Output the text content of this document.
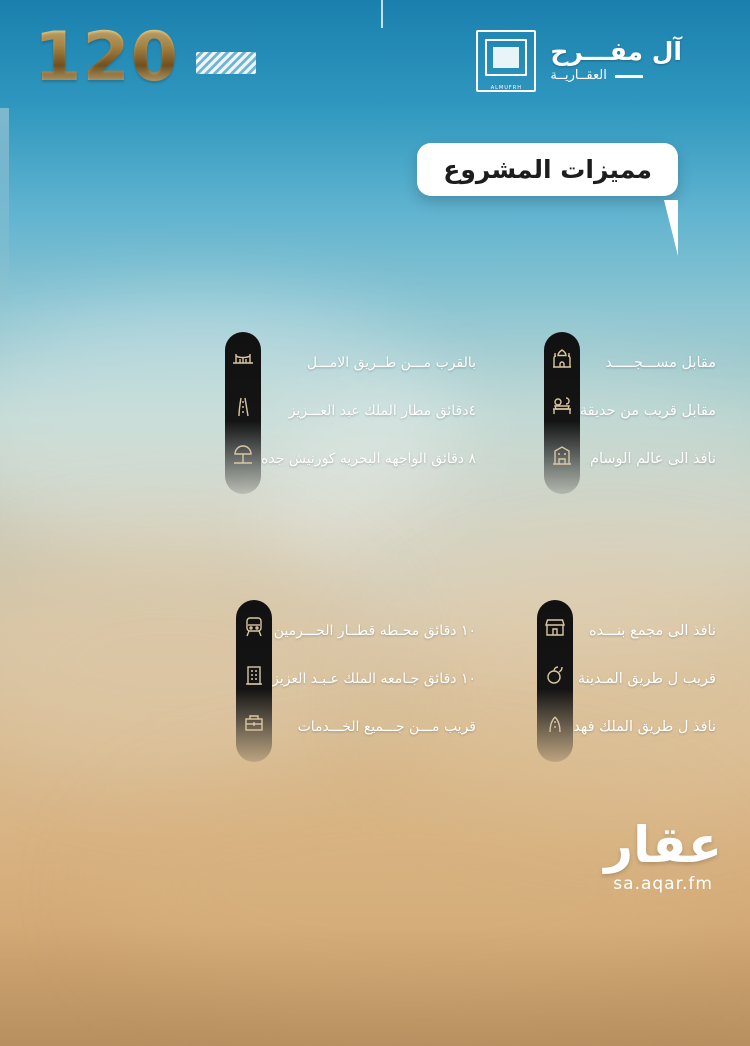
120	ALMUFRH
آل مفـــرح
العقــاريــة
مميزات المشروع
مقابل مســـجـــــد
مقابل قريب من حديقة
نافذ الى عالم الوسام
بالقرب مـــن طــريق الامـــل
٤دقائق مطار الملك عبد العـــزيز
٨ دقائق الواجهه البحريه كورنيش جده
نافذ الى مجمع بنـــده
قريب ل طريق المـدينة
نافذ ل طريق الملك فهد
١٠ دقائق محـطه قطــار الحـــرمين
١٠ دقائق جـامعه الملك عـبـد العزيز
قريب مـــن جـــميع الخـــدمات
عقار
sa.aqar.fm
